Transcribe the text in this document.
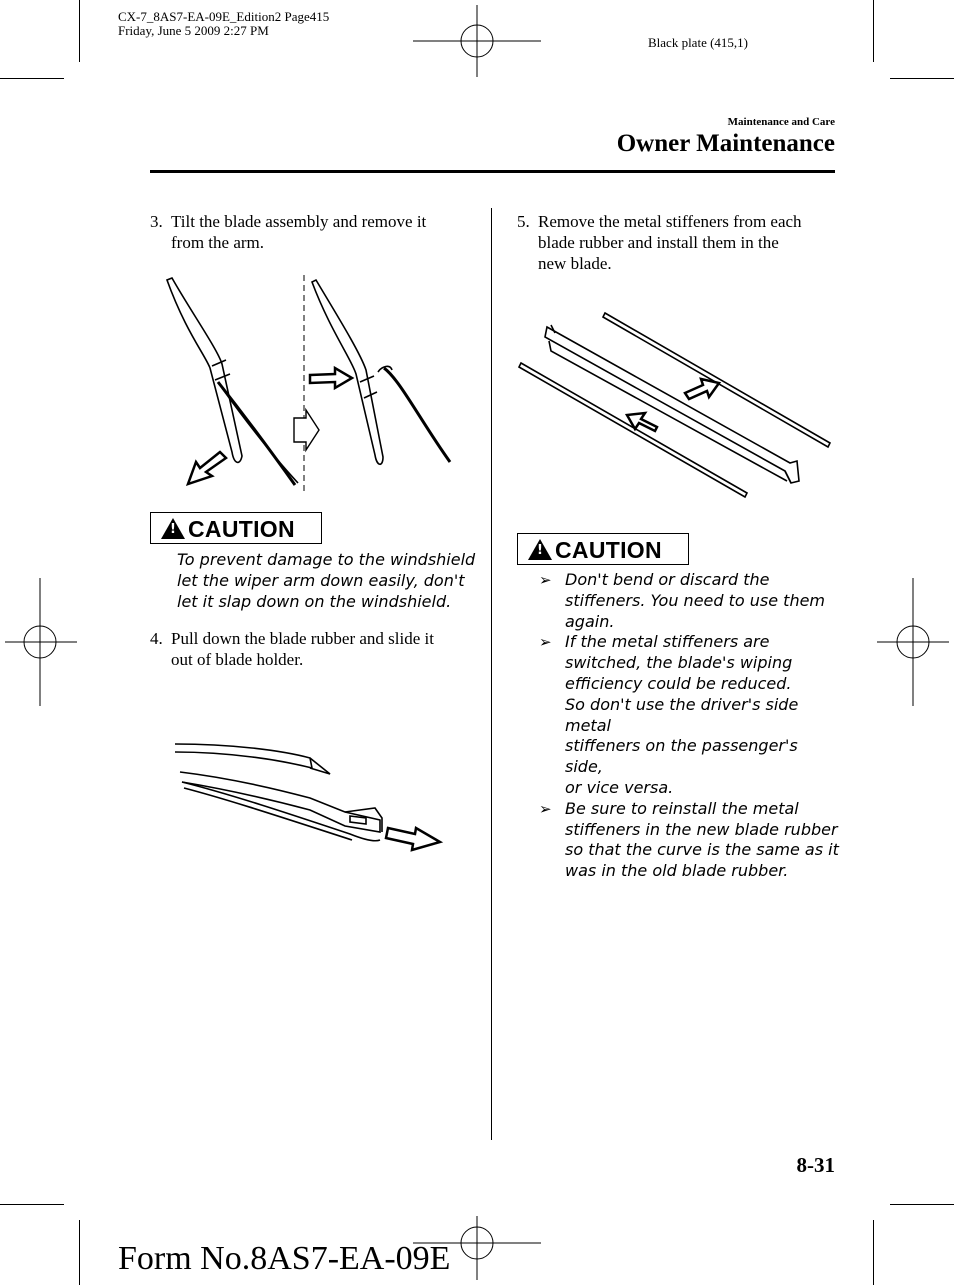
CX-7_8AS7-EA-09E_Edition2 Page415
Friday, June 5 2009 2:27 PM
Black plate (415,1)
Maintenance and Care
Owner Maintenance
3. Tilt the blade assembly and remove it
from the arm.
!
CAUTION
To prevent damage to the windshield
let the wiper arm down easily, don't
let it slap down on the windshield.
4. Pull down the blade rubber and slide it
out of blade holder.
5. Remove the metal stiffeners from each
blade rubber and install them in the
new blade.
!
CAUTION
➢ Don't bend or discard the
stiffeners. You need to use them
again.
➢ If the metal stiffeners are
switched, the blade's wiping
efficiency could be reduced.
So don't use the driver's side metal
stiffeners on the passenger's side,
or vice versa.
➢ Be sure to reinstall the metal
stiffeners in the new blade rubber
so that the curve is the same as it
was in the old blade rubber.
8-31
Form No.8AS7-EA-09E
